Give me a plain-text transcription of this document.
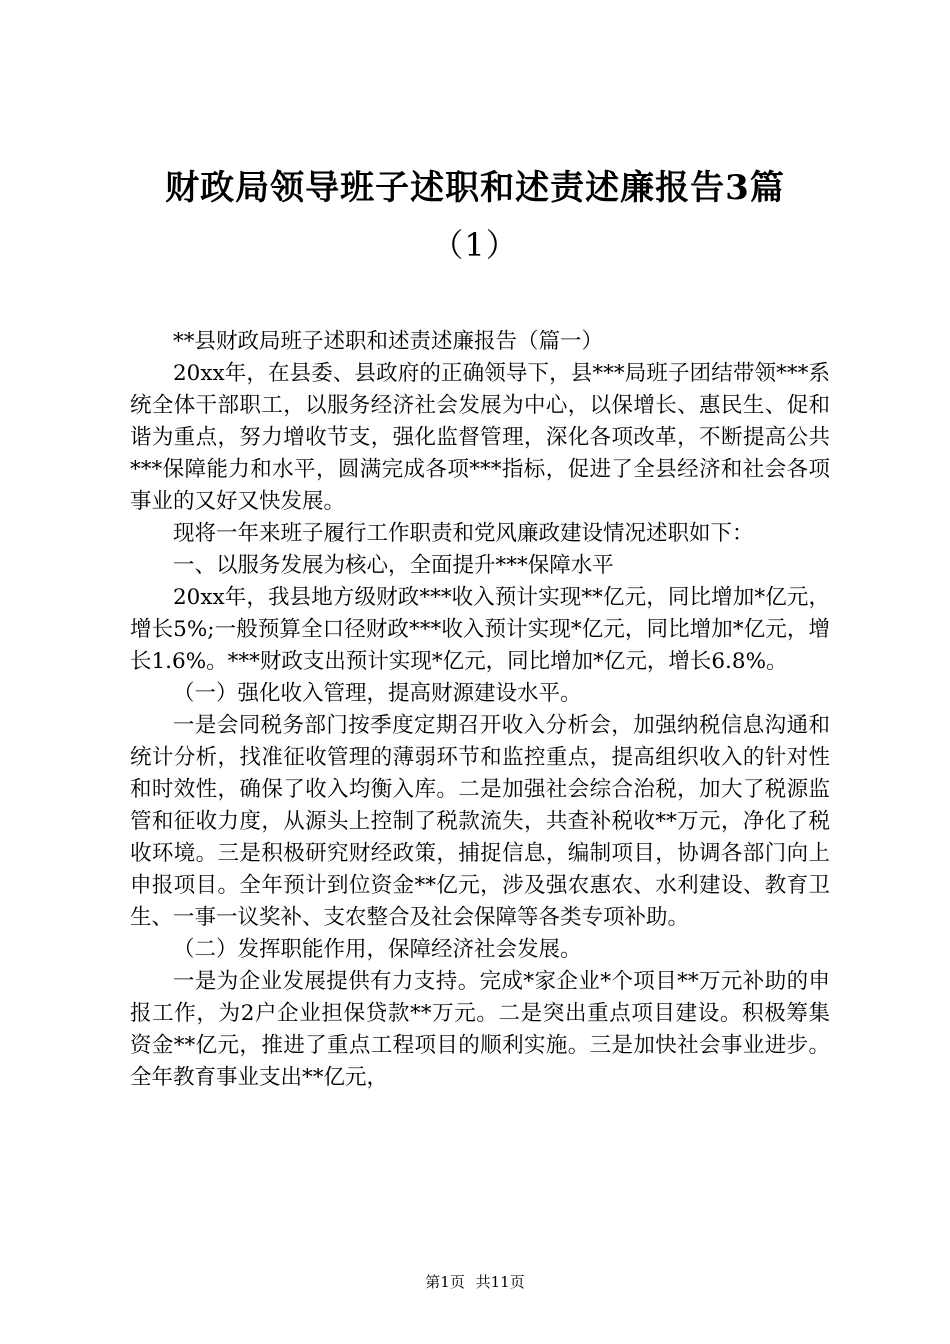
财政局领导班子述职和述责述廉报告3篇
（1）

**县财政局班子述职和述责述廉报告（篇一）

20xx年，在县委、县政府的正确领导下，县***局班子团结带领***系统全体干部职工，以服务经济社会发展为中心，以保增长、惠民生、促和谐为重点，努力增收节支，强化监督管理，深化各项改革，不断提高公共***保障能力和水平，圆满完成各项***指标，促进了全县经济和社会各项事业的又好又快发展。

现将一年来班子履行工作职责和党风廉政建设情况述职如下：

一、以服务发展为核心，全面提升***保障水平

20xx年，我县地方级财政***收入预计实现**亿元，同比增加*亿元，增长5%;一般预算全口径财政***收入预计实现*亿元，同比增加*亿元，增长1.6%。***财政支出预计实现*亿元，同比增加*亿元，增长6.8%。

（一）强化收入管理，提高财源建设水平。

一是会同税务部门按季度定期召开收入分析会，加强纳税信息沟通和统计分析，找准征收管理的薄弱环节和监控重点，提高组织收入的针对性和时效性，确保了收入均衡入库。二是加强社会综合治税，加大了税源监管和征收力度，从源头上控制了税款流失，共查补税收**万元，净化了税收环境。三是积极研究财经政策，捕捉信息，编制项目，协调各部门向上申报项目。全年预计到位资金**亿元，涉及强农惠农、水利建设、教育卫生、一事一议奖补、支农整合及社会保障等各类专项补助。

（二）发挥职能作用，保障经济社会发展。

一是为企业发展提供有力支持。完成*家企业*个项目**万元补助的申报工作，为2户企业担保贷款**万元。二是突出重点项目建设。积极筹集资金**亿元，推进了重点工程项目的顺利实施。三是加快社会事业进步。全年教育事业支出**亿元，

第1页 共11页
